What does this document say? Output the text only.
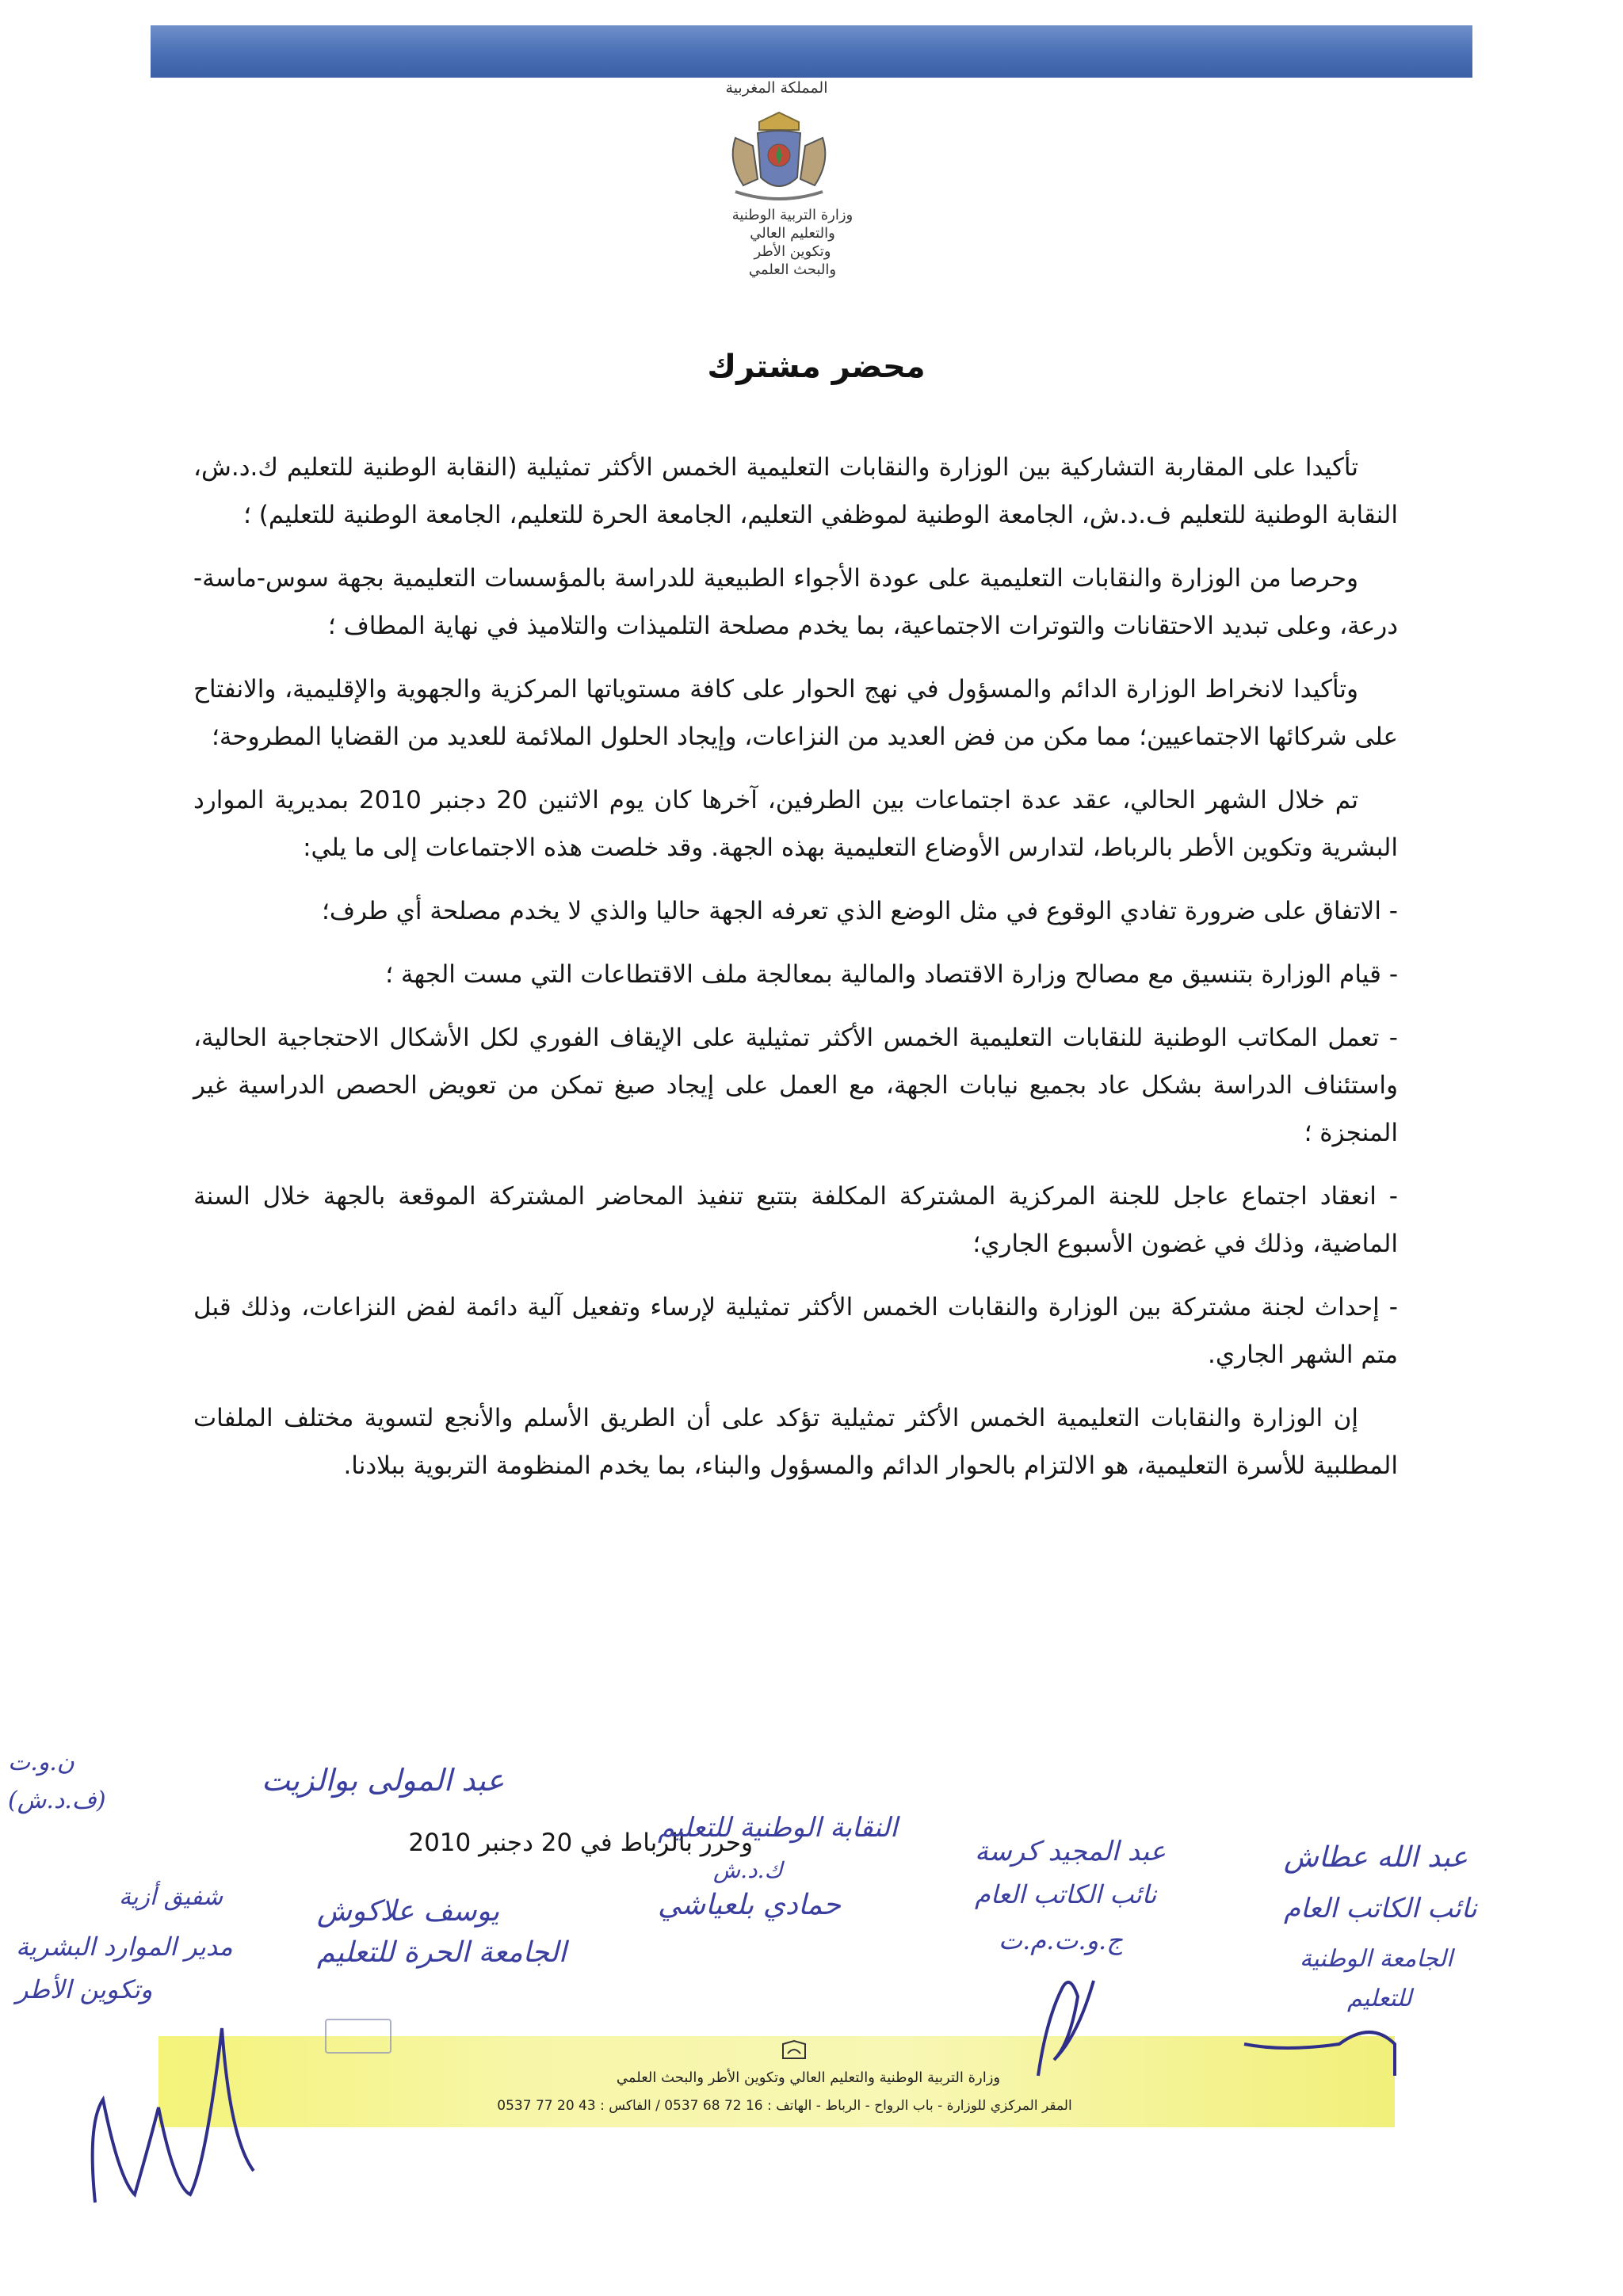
المملكة المغربية
وزارة التربية الوطنية
والتعليم العالي
وتكوين الأطر
والبحث العلمي
محضر مشترك

تأكيدا على المقاربة التشاركية بين الوزارة والنقابات التعليمية الخمس الأكثر تمثيلية (النقابة الوطنية للتعليم ك.د.ش، النقابة الوطنية للتعليم ف.د.ش، الجامعة الوطنية لموظفي التعليم، الجامعة الحرة للتعليم، الجامعة الوطنية للتعليم) ؛

وحرصا من الوزارة والنقابات التعليمية على عودة الأجواء الطبيعية للدراسة بالمؤسسات التعليمية بجهة سوس-ماسة-درعة، وعلى تبديد الاحتقانات والتوترات الاجتماعية، بما يخدم مصلحة التلميذات والتلاميذ في نهاية المطاف ؛

وتأكيدا لانخراط الوزارة الدائم والمسؤول في نهج الحوار على كافة مستوياتها المركزية والجهوية والإقليمية، والانفتاح على شركائها الاجتماعيين؛ مما مكن من فض العديد من النزاعات، وإيجاد الحلول الملائمة للعديد من القضايا المطروحة؛

تم خلال الشهر الحالي، عقد عدة اجتماعات بين الطرفين، آخرها كان يوم الاثنين 20 دجنبر 2010 بمديرية الموارد البشرية وتكوين الأطر بالرباط، لتدارس الأوضاع التعليمية بهذه الجهة. وقد خلصت هذه الاجتماعات إلى ما يلي:

- الاتفاق على ضرورة تفادي الوقوع في مثل الوضع الذي تعرفه الجهة حاليا والذي لا يخدم مصلحة أي طرف؛

- قيام الوزارة بتنسيق مع مصالح وزارة الاقتصاد والمالية بمعالجة ملف الاقتطاعات التي مست الجهة ؛

- تعمل المكاتب الوطنية للنقابات التعليمية الخمس الأكثر تمثيلية على الإيقاف الفوري لكل الأشكال الاحتجاجية الحالية، واستئناف الدراسة بشكل عاد بجميع نيابات الجهة، مع العمل على إيجاد صيغ تمكن من تعويض الحصص الدراسية غير المنجزة ؛

- انعقاد اجتماع عاجل للجنة المركزية المشتركة المكلفة بتتبع تنفيذ المحاضر المشتركة الموقعة بالجهة خلال السنة الماضية، وذلك في غضون الأسبوع الجاري؛

- إحداث لجنة مشتركة بين الوزارة والنقابات الخمس الأكثر تمثيلية لإرساء وتفعيل آلية دائمة لفض النزاعات، وذلك قبل متم الشهر الجاري.

إن الوزارة والنقابات التعليمية الخمس الأكثر تمثيلية تؤكد على أن الطريق الأسلم والأنجع لتسوية مختلف الملفات المطلبية للأسرة التعليمية، هو الالتزام بالحوار الدائم والمسؤول والبناء، بما يخدم المنظومة التربوية ببلادنا.

وحرر بالرباط في 20 دجنبر 2010
ن.و.ت
(ف.د.ش)
عبد المولى بوالزيت
شفيق أزية
مدير الموارد البشرية
وتكوين الأطر
يوسف علاكوش
الجامعة الحرة للتعليم
النقابة الوطنية للتعليم
ك.د.ش
حمادي بلعياشي
عبد المجيد كرسة
نائب الكاتب العام
ج.و.ت.م.ت
عبد الله عطاش
نائب الكاتب العام
الجامعة الوطنية
للتعليم
وزارة التربية الوطنية والتعليم العالي وتكوين الأطر والبحث العلمي
المقر المركزي للوزارة - باب الرواح - الرباط - الهاتف : 16 72 68 0537 / الفاكس : 43 20 77 0537
